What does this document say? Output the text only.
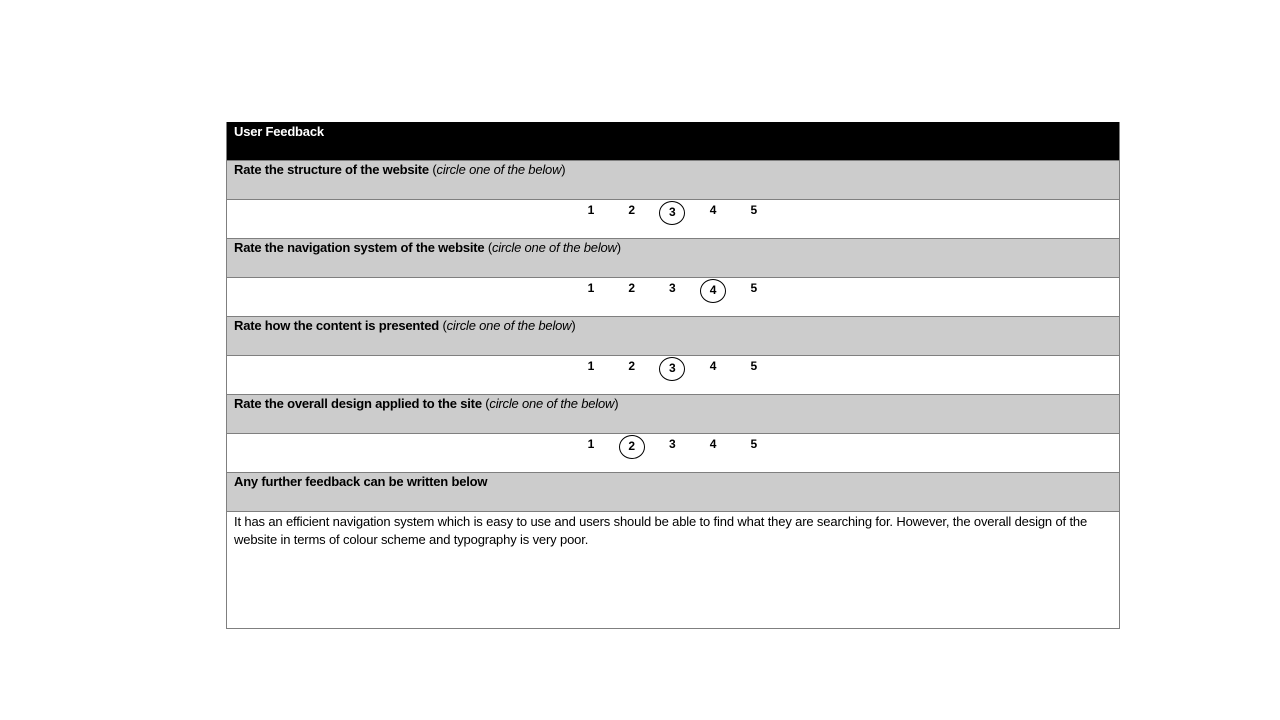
User Feedback
Rate the structure of the website (circle one of the below)
1	2	3	4	5
Rate the navigation system of the website (circle one of the below)
1	2	3	4	5
Rate how the content is presented (circle one of the below)
1	2	3	4	5
Rate the overall design applied to the site (circle one of the below)
1	2	3	4	5
Any further feedback can be written below
It has an efficient navigation system which is easy to use and users should be able to find what they are searching for. However, the overall design of the website in terms of colour scheme and typography is very poor.
